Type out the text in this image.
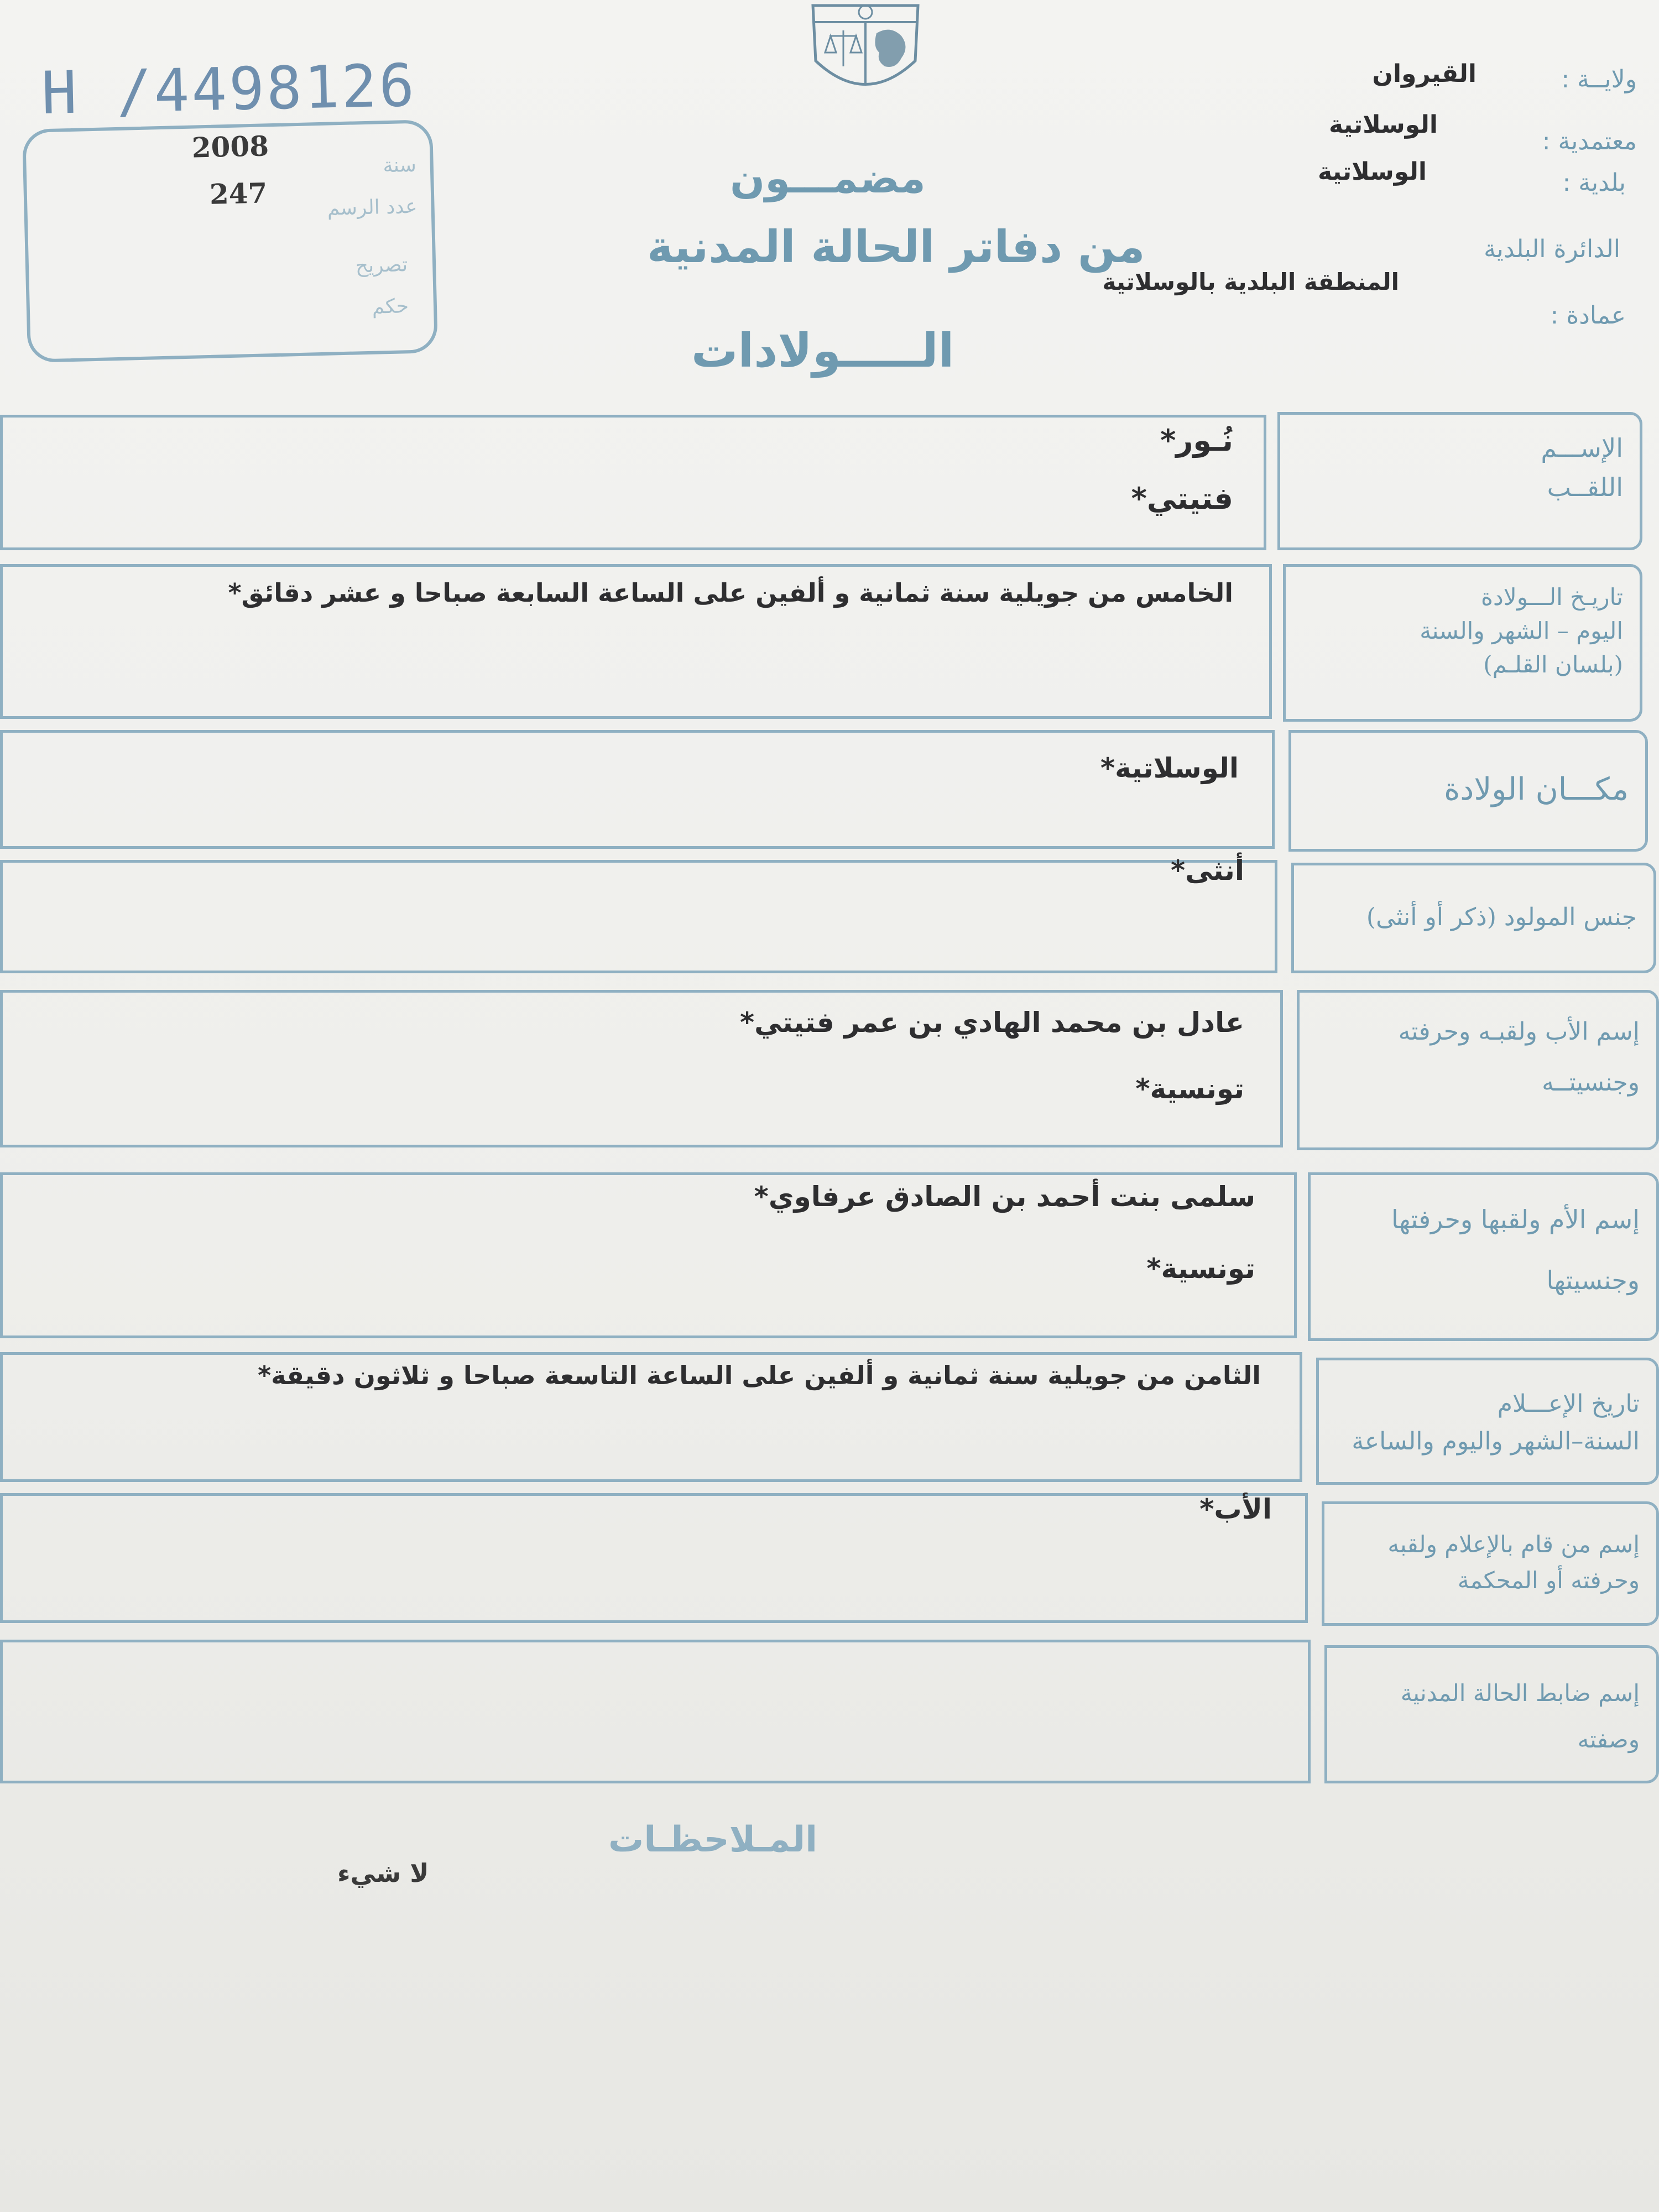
H /4498126
2008
سنة
247	عدد الرسم
تصريح
حكم
ولايــة :
القيروان
معتمدية :
الوسلاتية
بلدية :
الوسلاتية
الدائرة البلدية
المنطقة البلدية بالوسلاتية
عمادة :
مضمـــون
من دفاتر الحالة المدنية
الـــــولادات
الإســـم
اللقــب
نُـور*
فتيتي*
تاريـخ الـــولادة
اليوم – الشهر والسنة
(بلسان القلـم)
الخامس من جويلية سنة ثمانية و ألفين على الساعة السابعة صباحا و عشر دقائق*
مكـــان الولادة
الوسلاتية*
جنس المولود (ذكر أو أنثى)
أنثى*
إسم الأب ولقبـه وحرفته
وجنسيتــه
عادل بن محمد الهادي بن عمر فتيتي*
تونسية*
إسم الأم ولقبها وحرفتها
وجنسيتها
سلمى بنت أحمد بن الصادق عرفاوي*
تونسية*
تاريخ الإعـــلام
السنة–الشهر واليوم والساعة
الثامن من جويلية سنة ثمانية و ألفين على الساعة التاسعة صباحا و ثلاثون دقيقة*
إسم من قام بالإعلام ولقبه
وحرفته أو المحكمة
الأب*
إسم ضابط الحالة المدنية
وصفته
المـلاحظـات
لا شيء
